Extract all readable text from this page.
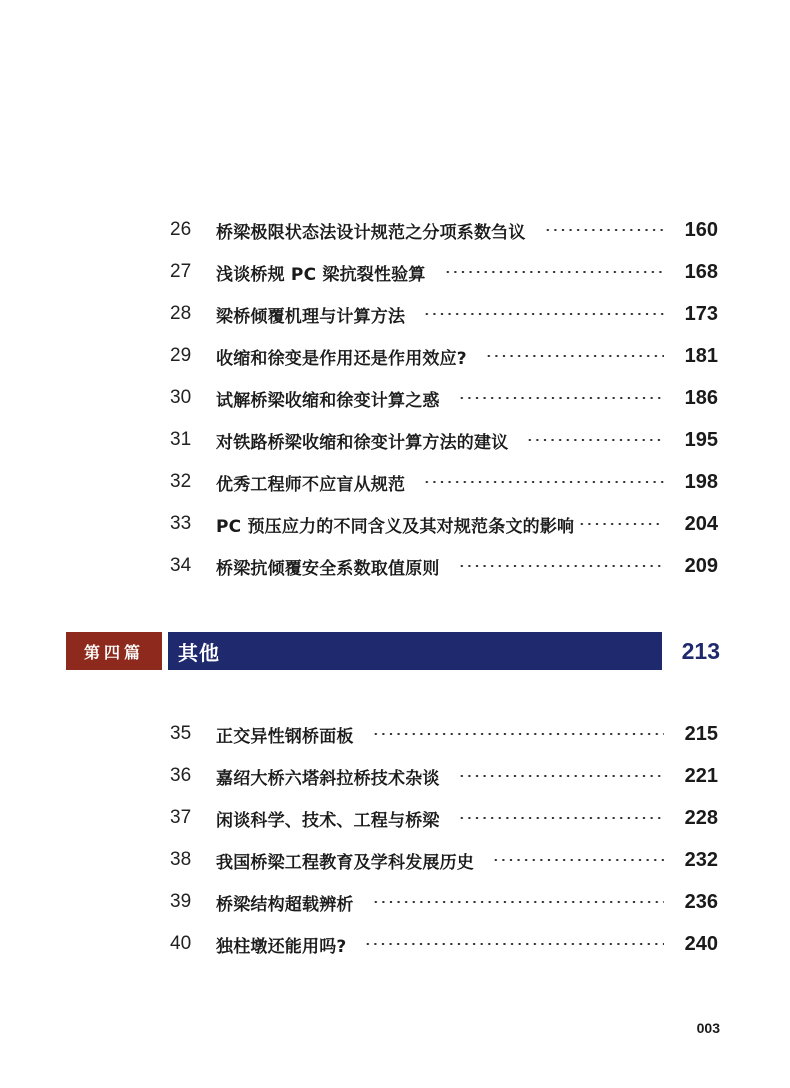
26	桥梁极限状态法设计规范之分项系数刍议	160
27	浅谈桥规 PC 梁抗裂性验算	168
28	梁桥倾覆机理与计算方法	173
29	收缩和徐变是作用还是作用效应?	181
30	试解桥梁收缩和徐变计算之惑	186
31	对铁路桥梁收缩和徐变计算方法的建议	195
32	优秀工程师不应盲从规范	198
33	PC 预压应力的不同含义及其对规范条文的影响	204
34	桥梁抗倾覆安全系数取值原则	209
第四篇	其他	213
35	正交异性钢桥面板	215
36	嘉绍大桥六塔斜拉桥技术杂谈	221
37	闲谈科学、技术、工程与桥梁	228
38	我国桥梁工程教育及学科发展历史	232
39	桥梁结构超载辨析	236
40	独柱墩还能用吗?	240
003
